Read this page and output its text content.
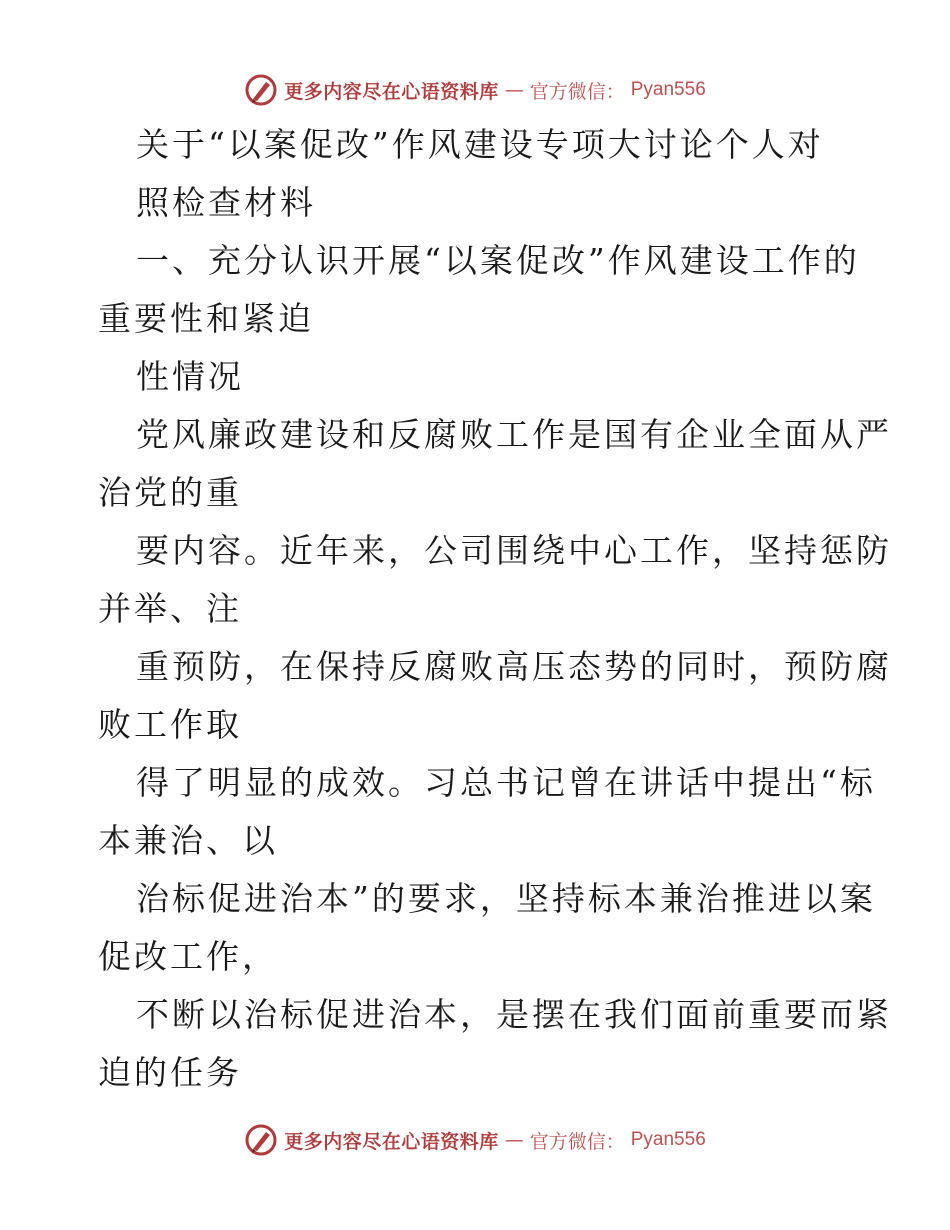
更多内容尽在心语资料库 — 官方微信： Pyan556
关于“以案促改”作风建设专项大讨论个人对
照检查材料
一、充分认识开展“以案促改”作风建设工作的
重要性和紧迫
性情况
党风廉政建设和反腐败工作是国有企业全面从严
治党的重
要内容。近年来，公司围绕中心工作，坚持惩防
并举、注
重预防，在保持反腐败高压态势的同时，预防腐
败工作取
得了明显的成效。习总书记曾在讲话中提出“标
本兼治、以
治标促进治本”的要求，坚持标本兼治推进以案
促改工作，
不断以治标促进治本，是摆在我们面前重要而紧
迫的任务
更多内容尽在心语资料库 — 官方微信： Pyan556
